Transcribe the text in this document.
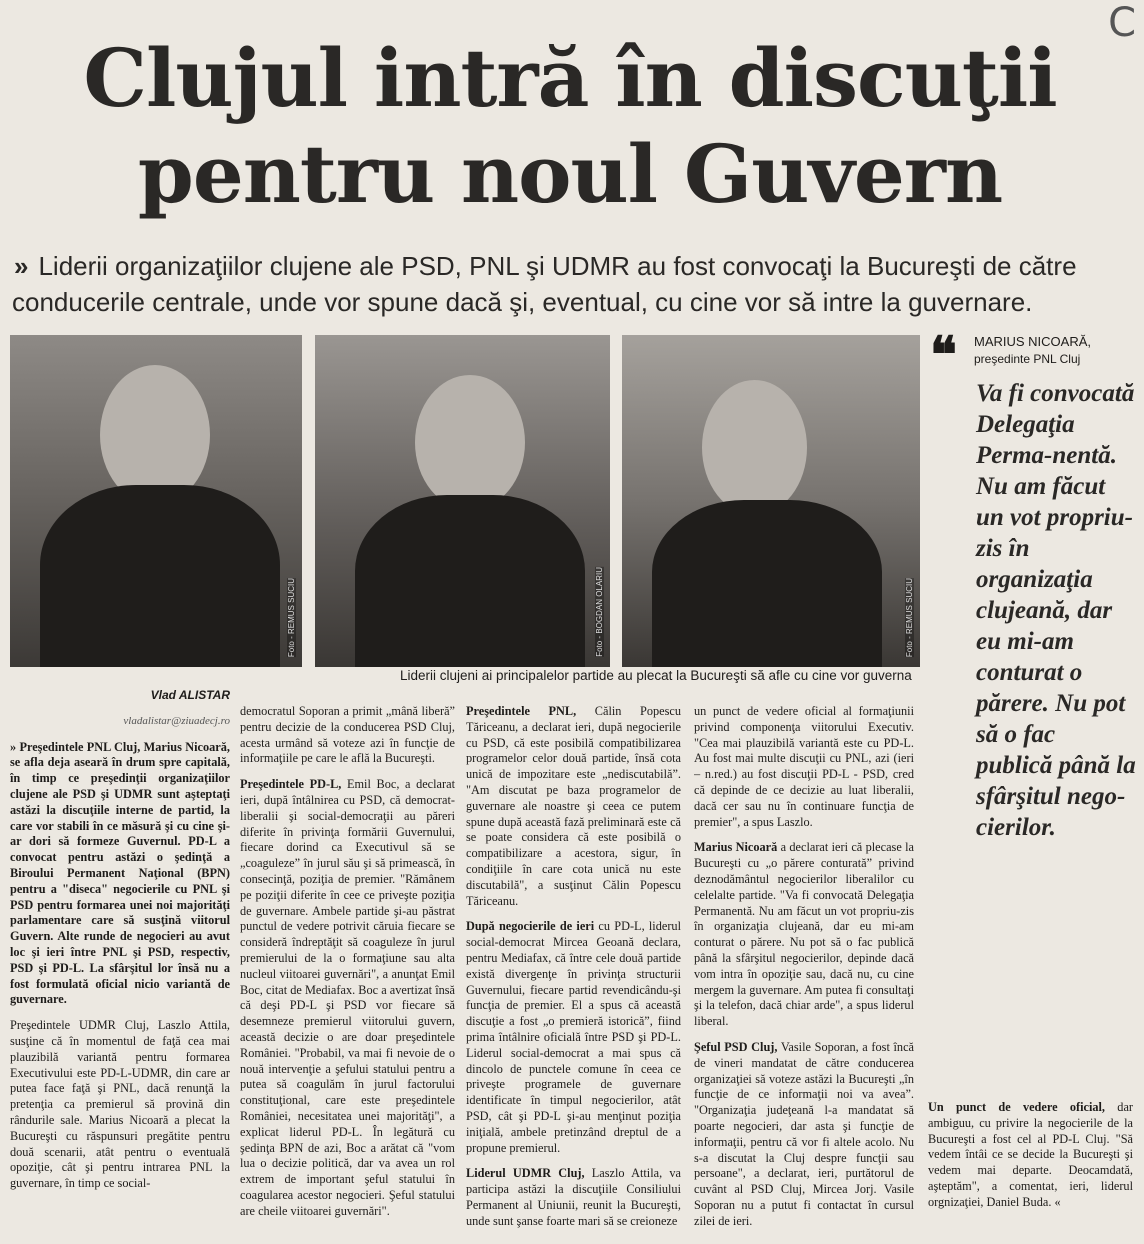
C
Clujul intră în discuţii
pentru noul Guvern
» Liderii organizaţiilor clujene ale PSD, PNL şi UDMR au fost convocaţi la Bucureşti de către conducerile centrale, unde vor spune dacă şi, eventual, cu cine vor să intre la guvernare.
Foto - REMUS SUCIU	Foto - BOGDAN OLARIU	Foto - REMUS SUCIU
Liderii clujeni ai principalelor partide au plecat la Bucureşti să afle cu cine vor guverna
❝ MARIUS NICOARĂ,
preşedinte PNL Cluj
Va fi convocată Delegaţia Perma-nentă. Nu am făcut un vot propriu-zis în organizaţia clujeană, dar eu mi-am conturat o părere. Nu pot să o fac publică până la sfârşitul nego-cierilor.

Vlad ALISTAR

vladalistar@ziuadecj.ro

» Preşedintele PNL Cluj, Marius Nicoară, se afla deja aseară în drum spre capitală, în timp ce preşedinţii organizaţiilor clujene ale PSD şi UDMR sunt aşteptaţi astăzi la discuţiile interne de partid, la care vor stabili în ce măsură şi cu cine şi-ar dori să formeze Guvernul. PD-L a convocat pentru astăzi o şedinţă a Biroului Permanent Naţional (BPN) pentru a "diseca" negocierile cu PNL şi PSD pentru formarea unei noi majorităţi parlamentare care să susţină viitorul Guvern. Alte runde de negocieri au avut loc şi ieri între PNL şi PSD, respectiv, PSD şi PD-L. La sfârşitul lor însă nu a fost formulată oficial nicio variantă de guvernare.

Preşedintele UDMR Cluj, Laszlo Attila, susţine că în momentul de faţă cea mai plauzibilă variantă pentru formarea Executivului este PD-L-UDMR, din care ar putea face faţă şi PNL, dacă renunţă la pretenţia ca premierul să provină din rândurile sale. Marius Nicoară a plecat la Bucureşti cu răspunsuri pregătite pentru două scenarii, atât pentru o eventuală opoziţie, cât şi pentru intrarea PNL la guvernare, în timp ce social-

democratul Soporan a primit „mână liberă” pentru decizie de la conducerea PSD Cluj, acesta urmând să voteze azi în funcţie de informaţiile pe care le află la Bucureşti.

Preşedintele PD-L, Emil Boc, a declarat ieri, după întâlnirea cu PSD, că democrat-liberalii şi social-democraţii au păreri diferite în privinţa formării Guvernului, fiecare dorind ca Executivul să se „coaguleze” în jurul său şi să primească, în consecinţă, poziţia de premier. "Rămânem pe poziţii diferite în cee ce priveşte poziţia de guvernare. Ambele partide şi-au păstrat punctul de vedere potrivit căruia fiecare se consideră îndreptăţit să coaguleze în jurul premierului de la o formaţiune sau alta nucleul viitoarei guvernări", a anunţat Emil Boc, citat de Mediafax. Boc a avertizat însă că deşi PD-L şi PSD vor fiecare să desemneze premierul viitorului guvern, această decizie o are doar preşedintele României. "Probabil, va mai fi nevoie de o nouă intervenţie a şefului statului pentru a putea să coagulăm în jurul factorului constituţional, care este preşedintele României, necesitatea unei majorităţi", a explicat liderul PD-L. În legătură cu şedinţa BPN de azi, Boc a arătat că "vom lua o decizie politică, dar va avea un rol extrem de important şeful statului în coagularea acestor negocieri. Şeful statului are cheile viitoarei guvernări".

Preşedintele PNL, Călin Popescu Tăriceanu, a declarat ieri, după negocierile cu PSD, că este posibilă compatibilizarea programelor celor două partide, însă cota unică de impozitare este „nediscutabilă”. "Am discutat pe baza programelor de guvernare ale noastre şi ceea ce putem spune după această fază preliminară este că se poate considera că este posibilă o compatibilizare a acestora, sigur, în condiţiile în care cota unică nu este discutabilă", a susţinut Călin Popescu Tăriceanu.

După negocierile de ieri cu PD-L, liderul social-democrat Mircea Geoană declara, pentru Mediafax, că între cele două partide există divergenţe în privinţa structurii Guvernului, fiecare partid revendicându-şi funcţia de premier. El a spus că această discuţie a fost „o premieră istorică”, fiind prima întâlnire oficială între PSD şi PD-L. Liderul social-democrat a mai spus că dincolo de punctele comune în ceea ce priveşte programele de guvernare identificate în timpul negocierilor, atât PSD, cât şi PD-L şi-au menţinut poziţia iniţială, ambele pretinzând dreptul de a propune premierul.

Liderul UDMR Cluj, Laszlo Attila, va participa astăzi la discuţiile Consiliului Permanent al Uniunii, reunit la Bucureşti, unde sunt şanse foarte mari să se creioneze

un punct de vedere oficial al formaţiunii privind componenţa viitorului Executiv. "Cea mai plauzibilă variantă este cu PD-L. Au fost mai multe discuţii cu PNL, azi (ieri – n.red.) au fost discuţii PD-L - PSD, cred că depinde de ce decizie au luat liberalii, dacă cer sau nu în continuare funcţia de premier", a spus Laszlo.

Marius Nicoară a declarat ieri că plecase la Bucureşti cu „o părere conturată” privind deznodământul negocierilor liberalilor cu celelalte partide. "Va fi convocată Delegaţia Permanentă. Nu am făcut un vot propriu-zis în organizaţia clujeană, dar eu mi-am conturat o părere. Nu pot să o fac publică până la sfârşitul negocierilor, depinde dacă vom intra în opoziţie sau, dacă nu, cu cine mergem la guvernare. Am putea fi consultaţi şi la telefon, dacă chiar arde", a spus liderul liberal.

Şeful PSD Cluj, Vasile Soporan, a fost încă de vineri mandatat de către conducerea organizaţiei să voteze astăzi la Bucureşti „în funcţie de ce informaţii noi va avea”. "Organizaţia judeţeană l-a mandatat să poarte negocieri, dar asta şi funcţie de informaţii, pentru că vor fi altele acolo. Nu s-a discutat la Cluj despre funcţii sau persoane", a declarat, ieri, purtătorul de cuvânt al PSD Cluj, Mircea Jorj. Vasile Soporan nu a putut fi contactat în cursul zilei de ieri.

Un punct de vedere oficial, dar ambiguu, cu privire la negocierile de la Bucureşti a fost cel al PD-L Cluj. "Să vedem întâi ce se decide la Bucureşti şi vedem mai departe. Deocamdată, aşteptăm", a comentat, ieri, liderul orgnizaţiei, Daniel Buda. «
